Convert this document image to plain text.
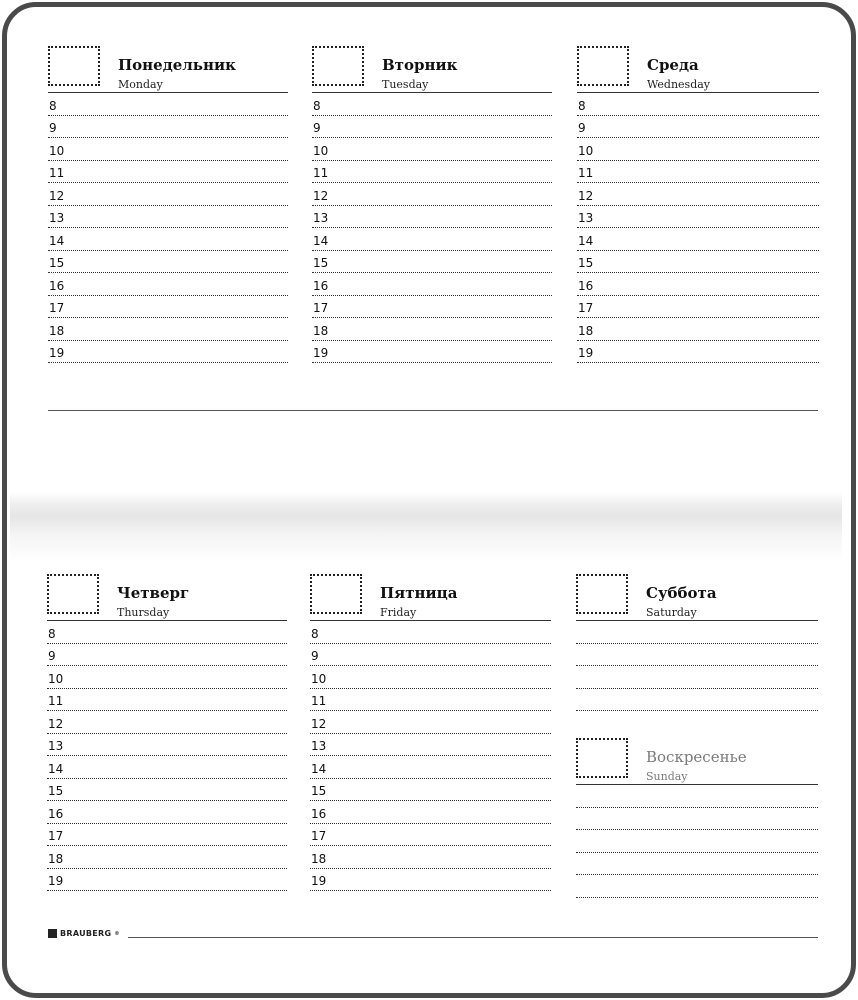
Понедельник
Monday
8
9
10
11
12
13
14
15
16
17
18
19
Вторник
Tuesday
8
9
10
11
12
13
14
15
16
17
18
19
Среда
Wednesday
8
9
10
11
12
13
14
15
16
17
18
19
Четверг
Thursday
8
9
10
11
12
13
14
15
16
17
18
19
Пятница
Friday
8
9
10
11
12
13
14
15
16
17
18
19
Суббота
Saturday
Воскресенье
Sunday
BRAUBERG ®
